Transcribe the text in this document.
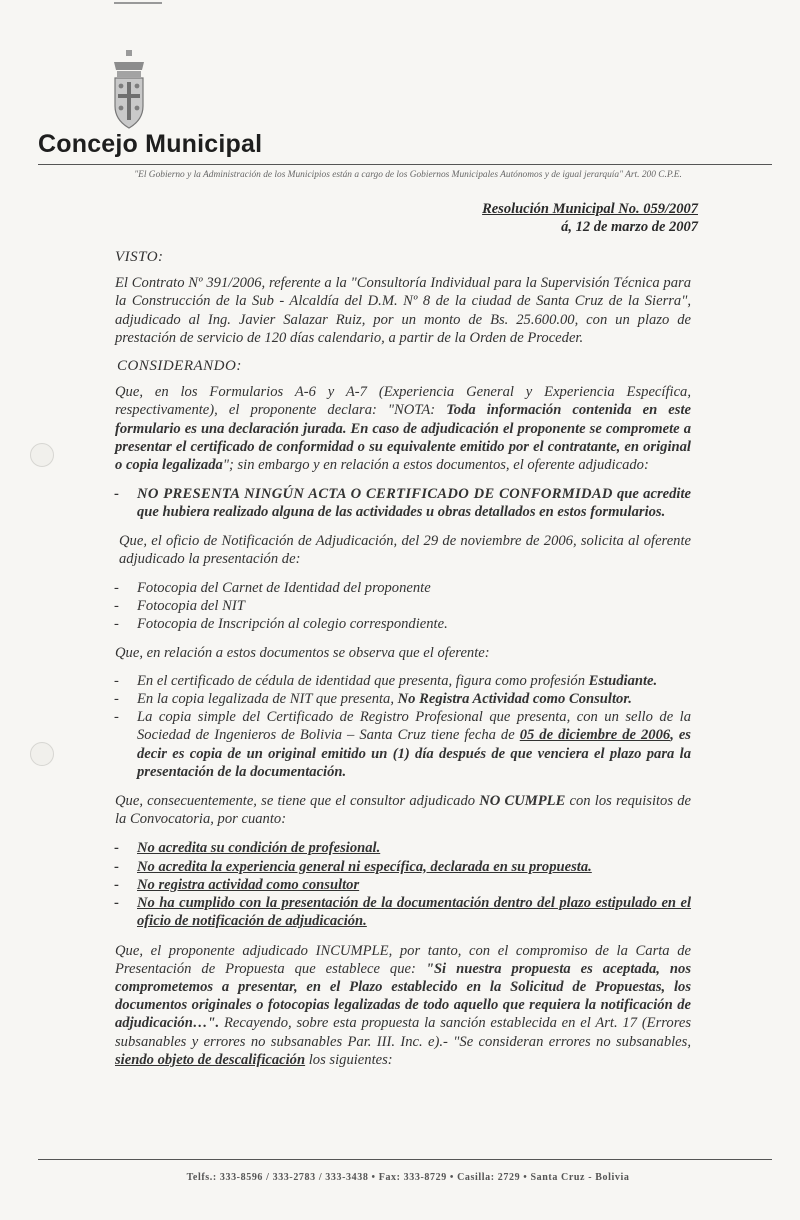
Concejo Municipal
"El Gobierno y la Administración de los Municipios están a cargo de los Gobiernos Municipales Autónomos y de igual jerarquía" Art. 200 C.P.E.
Resolución Municipal No. 059/2007
á, 12 de marzo de 2007
VISTO:

El Contrato Nº 391/2006, referente a la "Consultoría Individual para la Supervisión Técnica para la Construcción de la Sub - Alcaldía del D.M. Nº 8 de la ciudad de Santa Cruz de la Sierra", adjudicado al Ing. Javier Salazar Ruiz, por un monto de Bs. 25.600.00, con un plazo de prestación de servicio de 120 días calendario, a partir de la Orden de Proceder.

CONSIDERANDO:

Que, en los Formularios A-6 y A-7 (Experiencia General y Experiencia Específica, respectivamente), el proponente declara: "NOTA: Toda información contenida en este formulario es una declaración jurada. En caso de adjudicación el proponente se compromete a presentar el certificado de conformidad o su equivalente emitido por el contratante, en original o copia legalizada"; sin embargo y en relación a estos documentos, el oferente adjudicado:

- NO PRESENTA NINGÚN ACTA O CERTIFICADO DE CONFORMIDAD que acredite que hubiera realizado alguna de las actividades u obras detallados en estos formularios.

Que, el oficio de Notificación de Adjudicación, del 29 de noviembre de 2006, solicita al oferente adjudicado la presentación de:

- Fotocopia del Carnet de Identidad del proponente
- Fotocopia del NIT
- Fotocopia de Inscripción al colegio correspondiente.

Que, en relación a estos documentos se observa que el oferente:

- En el certificado de cédula de identidad que presenta, figura como profesión Estudiante.
- En la copia legalizada de NIT que presenta, No Registra Actividad como Consultor.
- La copia simple del Certificado de Registro Profesional que presenta, con un sello de la Sociedad de Ingenieros de Bolivia – Santa Cruz tiene fecha de 05 de diciembre de 2006, es decir es copia de un original emitido un (1) día después de que venciera el plazo para la presentación de la documentación.

Que, consecuentemente, se tiene que el consultor adjudicado NO CUMPLE con los requisitos de la Convocatoria, por cuanto:

- No acredita su condición de profesional.
- No acredita la experiencia general ni específica, declarada en su propuesta.
- No registra actividad como consultor
- No ha cumplido con la presentación de la documentación dentro del plazo estipulado en el oficio de notificación de adjudicación.

Que, el proponente adjudicado INCUMPLE, por tanto, con el compromiso de la Carta de Presentación de Propuesta que establece que: "Si nuestra propuesta es aceptada, nos comprometemos a presentar, en el Plazo establecido en la Solicitud de Propuestas, los documentos originales o fotocopias legalizadas de todo aquello que requiera la notificación de adjudicación…". Recayendo, sobre esta propuesta la sanción establecida en el Art. 17 (Errores subsanables y errores no subsanables Par. III. Inc. e).- "Se consideran errores no subsanables, siendo objeto de descalificación los siguientes:

Telfs.: 333-8596 / 333-2783 / 333-3438 • Fax: 333-8729 • Casilla: 2729 • Santa Cruz - Bolivia
